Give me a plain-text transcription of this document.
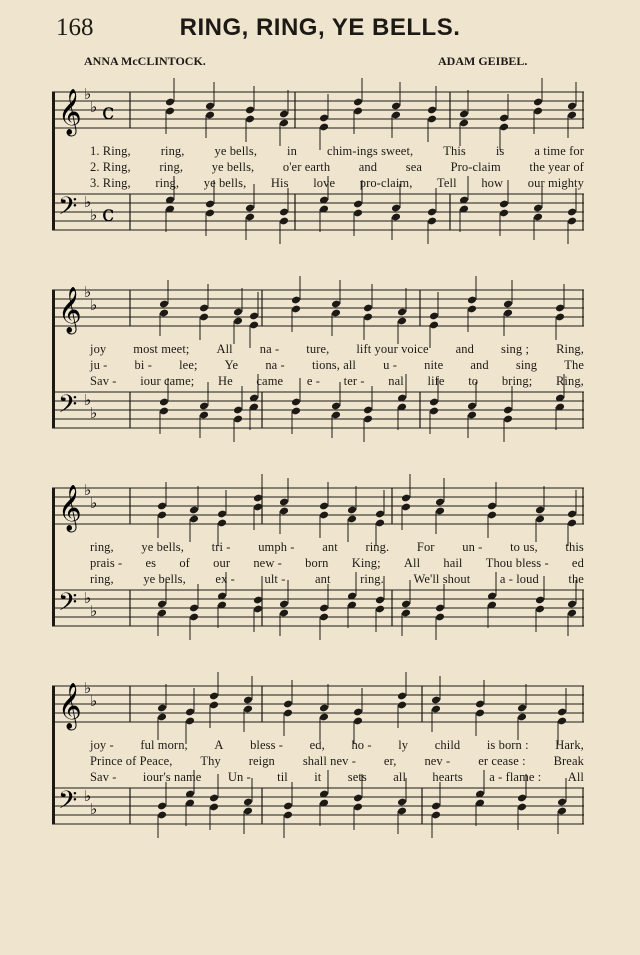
168	RING, RING, YE BELLS.
ANNA McCLINTOCK.	ADAM GEIBEL.
𝄞
𝄢
♭
♭
♭
♭
c
c
1. Ring, ring, ye bells, in chim-ings sweet, This is a time for
2. Ring, ring, ye bells, o'er earth and sea Pro-claim the year of
3. Ring, ring, ye bells, His love pro-claim, Tell how our mighty
𝄞
𝄢
♭
♭
♭
♭
joy most meet; All na - ture, lift your voice and sing ; Ring,
ju - bi - lee; Ye na - tions, all u - nite and sing The
Sav - iour came; He came e - ter - nal life to bring; Ring,
𝄞
𝄢
♭
♭
♭
♭
ring, ye bells, tri - umph - ant ring. For un - to us, this
prais - es of our new - born King; All hail Thou bless - ed
ring, ye bells, ex - ult - ant ring. We'll shout a - loud the
𝄞
𝄢
♭
♭
♭
♭
joy - ful morn, A bless - ed, ho - ly child is born : Hark,
Prince of Peace, Thy reign shall nev - er, nev - er cease : Break
Sav - iour's name Un - til it sets all hearts a - flame : All
